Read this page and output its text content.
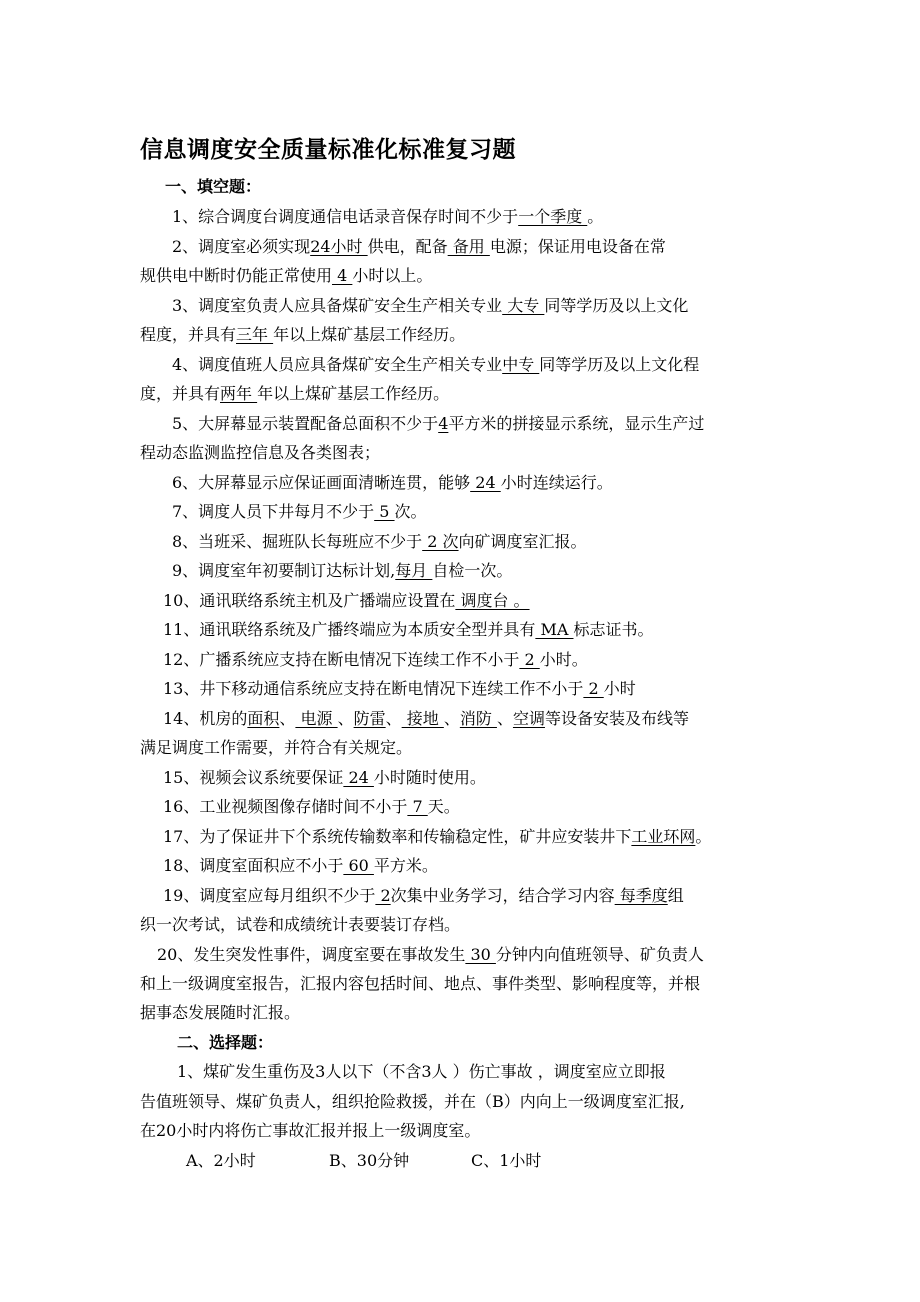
信息调度安全质量标准化标准复习题
一、填空题：
1、综合调度台调度通信电话录音保存时间不少于一个季度 。
2、调度室必须实现24小时 供电，配备 备用 电源；保证用电设备在常
规供电中断时仍能正常使用 4 小时以上。
3、调度室负责人应具备煤矿安全生产相关专业 大专 同等学历及以上文化
程度，并具有三年 年以上煤矿基层工作经历。
4、调度值班人员应具备煤矿安全生产相关专业中专 同等学历及以上文化程
度，并具有两年 年以上煤矿基层工作经历。
5、大屏幕显示装置配备总面积不少于4平方米的拼接显示系统，显示生产过
程动态监测监控信息及各类图表；
6、大屏幕显示应保证画面清晰连贯，能够 24 小时连续运行。
7、调度人员下井每月不少于 5 次。
8、当班采、掘班队长每班应不少于 2 次向矿调度室汇报。
9、调度室年初要制订达标计划,每月 自检一次。
10、通讯联络系统主机及广播端应设置在 调度台 。
11、通讯联络系统及广播终端应为本质安全型并具有 MA 标志证书。
12、广播系统应支持在断电情况下连续工作不小于 2 小时。
13、井下移动通信系统应支持在断电情况下连续工作不小于 2 小时
14、机房的面积、 电源 、防雷、 接地 、消防 、空调等设备安装及布线等
满足调度工作需要，并符合有关规定。
15、视频会议系统要保证 24 小时随时使用。
16、工业视频图像存储时间不小于 7 天。
17、为了保证井下个系统传输数率和传输稳定性，矿井应安装井下工业环网。
18、调度室面积应不小于 60 平方米。
19、调度室应每月组织不少于 2次集中业务学习，结合学习内容 每季度组
织一次考试，试卷和成绩统计表要装订存档。
20、发生突发性事件，调度室要在事故发生 30 分钟内向值班领导、矿负责人
和上一级调度室报告，汇报内容包括时间、地点、事件类型、影响程度等，并根
据事态发展随时汇报。
二、选择题：
1、煤矿发生重伤及3人以下（不含3人 ）伤亡事故 ，调度室应立即报
告值班领导、煤矿负责人，组织抢险救援，并在（B）内向上一级调度室汇报,
在20小时内将伤亡事故汇报并报上一级调度室。
A、2小时	B、30分钟	C、1小时
